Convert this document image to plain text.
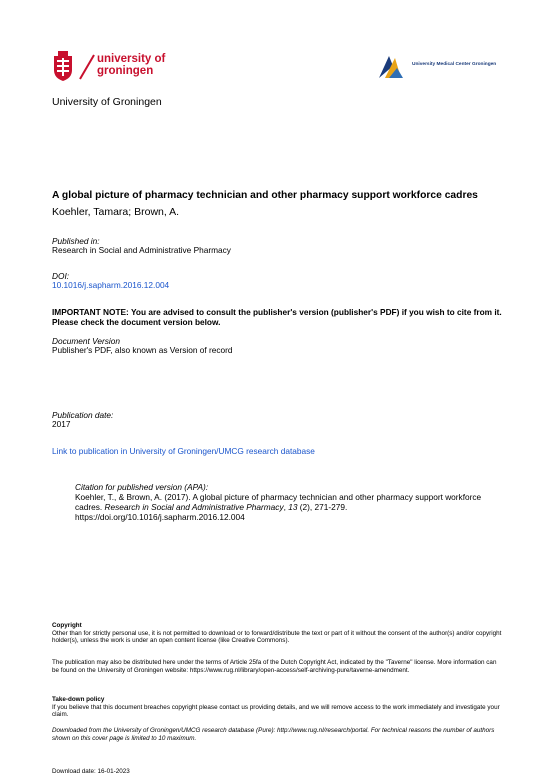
university of
groningen	University Medical Center Groningen
University of Groningen
A global picture of pharmacy technician and other pharmacy support workforce cadres
Koehler, Tamara; Brown, A.
Published in:
Research in Social and Administrative Pharmacy
DOI:
10.1016/j.sapharm.2016.12.004
IMPORTANT NOTE: You are advised to consult the publisher's version (publisher's PDF) if you wish to cite from it. Please check the document version below.
Document Version
Publisher's PDF, also known as Version of record
Publication date:
2017
Link to publication in University of Groningen/UMCG research database
Citation for published version (APA):
Koehler, T., & Brown, A. (2017). A global picture of pharmacy technician and other pharmacy support workforce cadres. Research in Social and Administrative Pharmacy, 13 (2), 271-279. https://doi.org/10.1016/j.sapharm.2016.12.004
Copyright
Other than for strictly personal use, it is not permitted to download or to forward/distribute the text or part of it without the consent of the author(s) and/or copyright holder(s), unless the work is under an open content license (like Creative Commons).
The publication may also be distributed here under the terms of Article 25fa of the Dutch Copyright Act, indicated by the "Taverne" license. More information can be found on the University of Groningen website: https://www.rug.nl/library/open-access/self-archiving-pure/taverne-amendment.
Take-down policy
If you believe that this document breaches copyright please contact us providing details, and we will remove access to the work immediately and investigate your claim.
Downloaded from the University of Groningen/UMCG research database (Pure): http://www.rug.nl/research/portal. For technical reasons the number of authors shown on this cover page is limited to 10 maximum.
Download date: 16-01-2023
